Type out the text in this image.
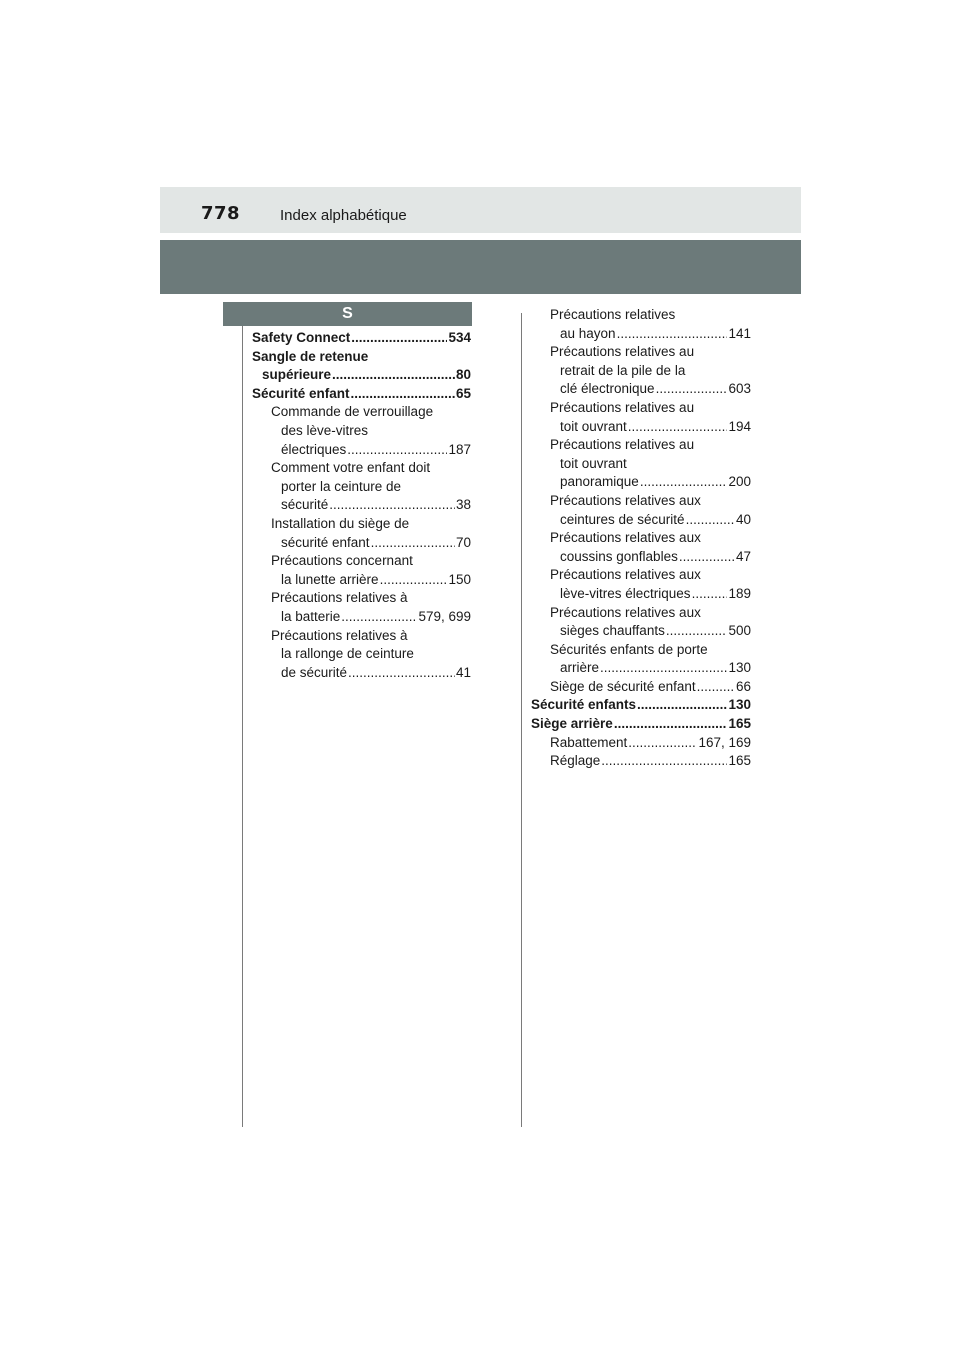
778	Index alphabétique
S
Safety Connect .....	534
Sangle de retenue
supérieure .....	80
Sécurité enfant .....	65
Commande de verrouillage
des lève-vitres
électriques .....	187
Comment votre enfant doit
porter la ceinture de
sécurité .....	38
Installation du siège de
sécurité enfant .....	70
Précautions concernant
la lunette arrière .....	150
Précautions relatives à
la batterie .....	579, 699
Précautions relatives à
la rallonge de ceinture
de sécurité .....	41
Précautions relatives
au hayon .....	141
Précautions relatives au
retrait de la pile de la
clé électronique .....	603
Précautions relatives au
toit ouvrant .....	194
Précautions relatives au
toit ouvrant
panoramique .....	200
Précautions relatives aux
ceintures de sécurité .....	40
Précautions relatives aux
coussins gonflables .....	47
Précautions relatives aux
lève-vitres électriques .....	189
Précautions relatives aux
sièges chauffants .....	500
Sécurités enfants de porte
arrière .....	130
Siège de sécurité enfant .....	66
Sécurité enfants .....	130
Siège arrière .....	165
Rabattement .....	167, 169
Réglage .....	165
